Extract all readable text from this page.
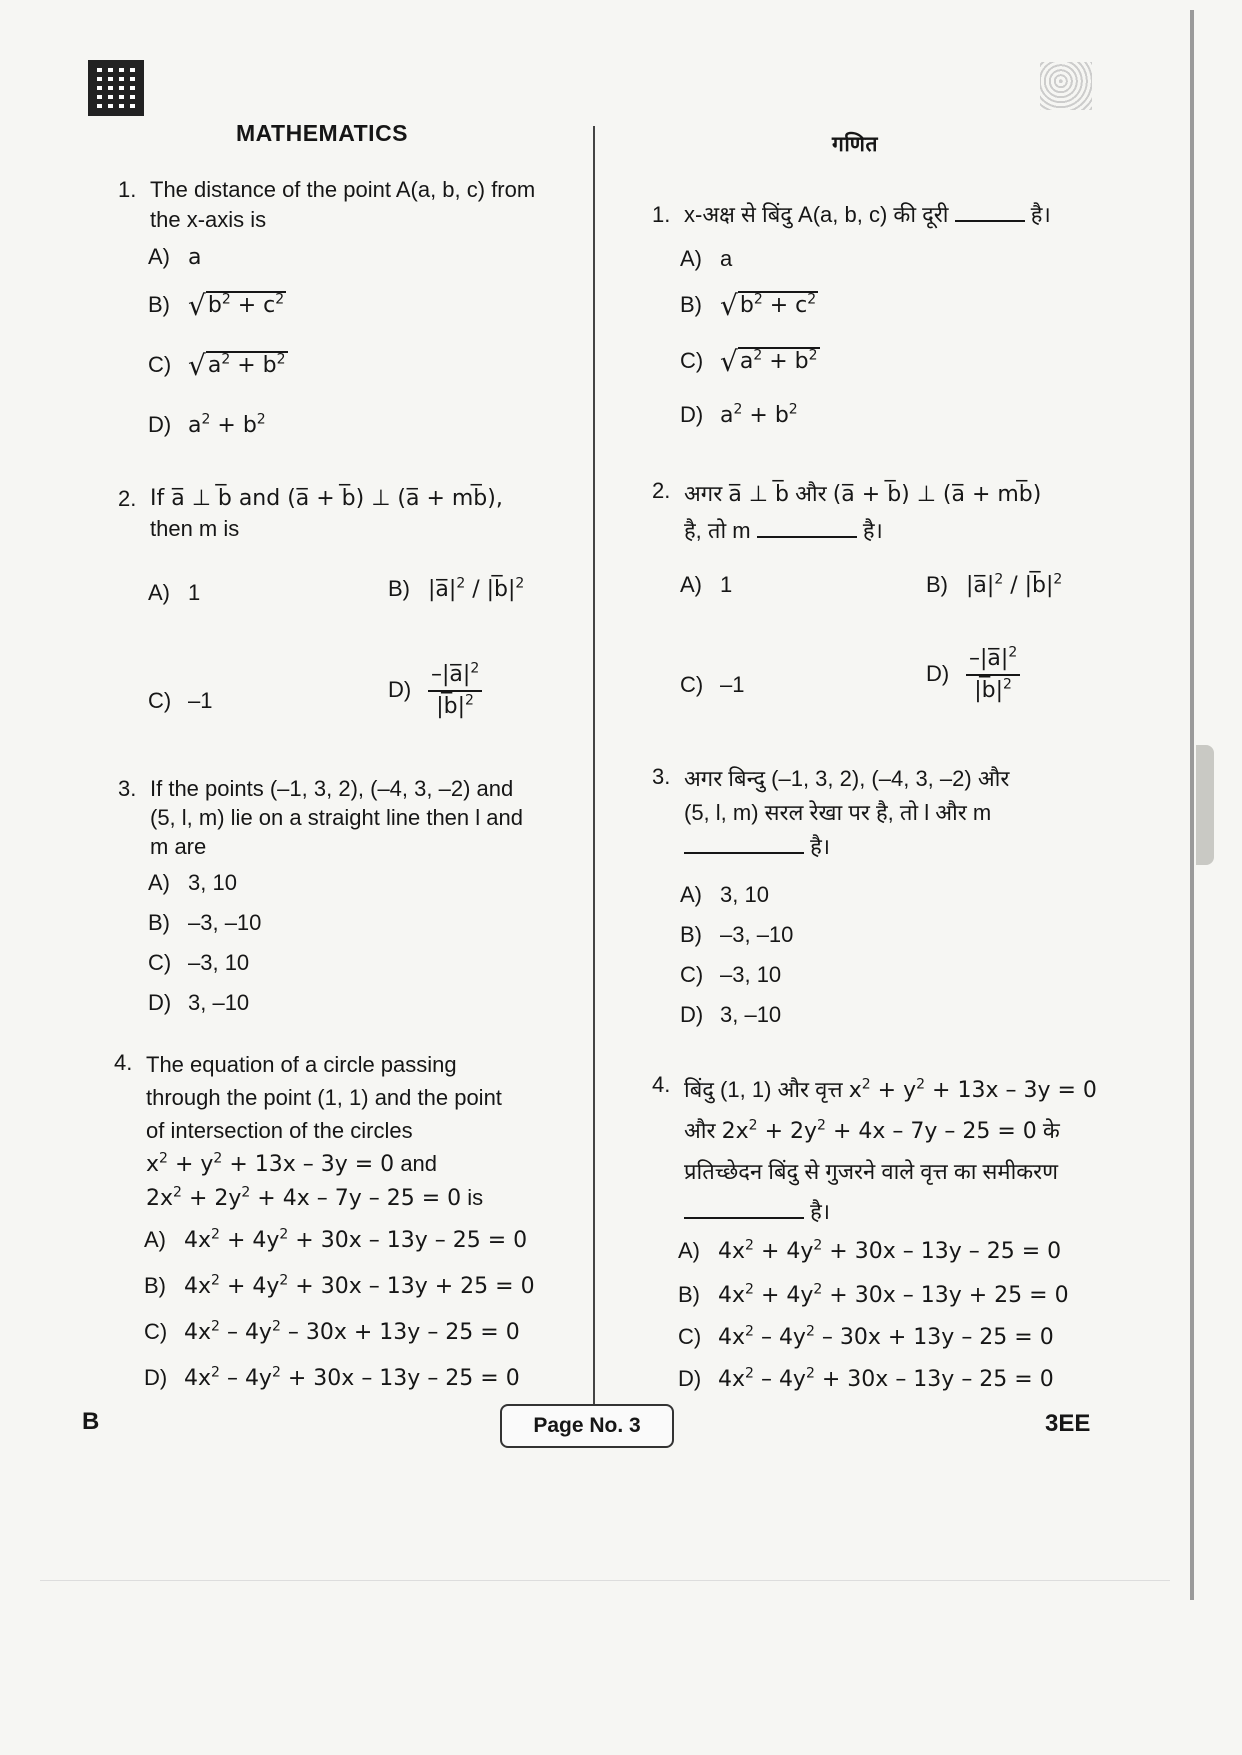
MATHEMATICS
1. The distance of the point A(a, b, c) from
the x-axis is
A) a
B) $√b^2 + c^2$
C) $√a^2 + b^2$
D) $a^2 + b^2$
2. If a̅ ⊥ b̅ and (a̅ + b̅) ⊥ (a̅ + mb̅),
then m is
A) 1	B) $|a̅|^2$ / $|b̅|^2$
C) –1	$D) \frac{-|a̅|^2}{|b̅|^2}$
3. If the points (–1, 3, 2), (–4, 3, –2) and
(5, l, m) lie on a straight line then l and
m are
A) 3, 10
B) –3, –10
C) –3, 10
D) 3, –10
4. The equation of a circle passing
through the point (1, 1) and the point
of intersection of the circles
$x^2 + y^2 + 13x - 3y = 0$ and
$2x^2 + 2y^2 + 4x - 7y - 25 = 0$ is
A) $4x^2 + 4y^2 + 30x - 13y - 25 = 0$
B) $4x^2 + 4y^2 + 30x - 13y + 25 = 0$
C) $4x^2 - 4y^2 - 30x + 13y - 25 = 0$
D) $4x^2 - 4y^2 + 30x - 13y - 25 = 0$
गणित
1. x-अक्ष से बिंदु A(a, b, c) की दूरी	है।
A) a
B) $√b^2 + c^2$
C) $√a^2 + b^2$
D) $a^2 + b^2$
2. अगर a̅ ⊥ b̅ और (a̅ + b̅) ⊥ (a̅ + mb̅)
है, तो m	है।
A) 1	B) $|a̅|^2$ / $|b̅|^2$
C) –1	$D) \frac{-|a̅|^2}{|b̅|^2}$
3. अगर बिन्दु (–1, 3, 2), (–4, 3, –2) और
(5, l, m) सरल रेखा पर है, तो l और m
है।
A) 3, 10
B) –3, –10
C) –3, 10
D) 3, –10
4. बिंदु (1, 1) और वृत्त $x^2 + y^2 + 13x - 3y = 0$
और $2x^2 + 2y^2 + 4x - 7y - 25 = 0$ के
प्रतिच्छेदन बिंदु से गुजरने वाले वृत्त का समीकरण
है।
A) $4x^2 + 4y^2 + 30x - 13y - 25 = 0$
B) $4x^2 + 4y^2 + 30x - 13y + 25 = 0$
C) $4x^2 - 4y^2 - 30x + 13y - 25 = 0$
D) $4x^2 - 4y^2 + 30x - 13y - 25 = 0$
B	Page No. 3	3EE
